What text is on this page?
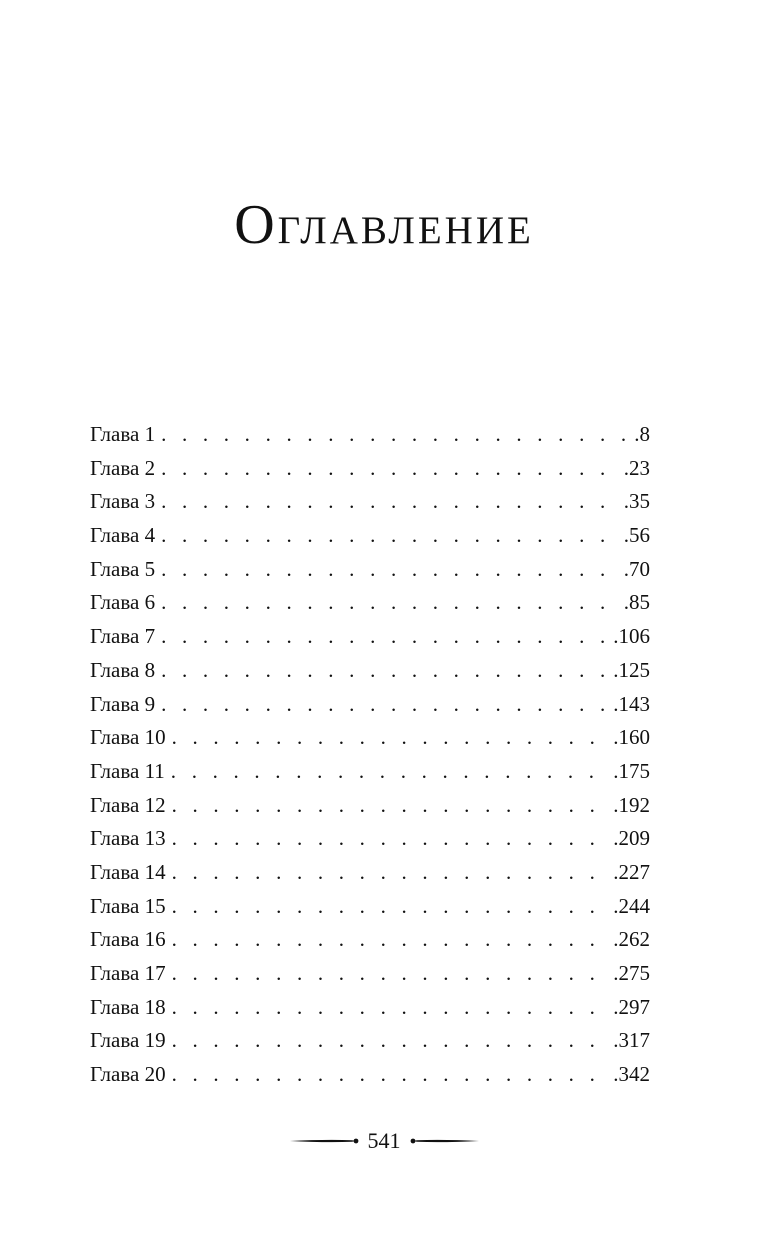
Оглавление
Глава 1 . . .	.8
Глава 2 . . .	.23
Глава 3 . . .	.35
Глава 4 . . .	.56
Глава 5 . . .	.70
Глава 6 . . .	.85
Глава 7 . . .	.106
Глава 8 . . .	.125
Глава 9 . . .	.143
Глава 10 . . .	.160
Глава 11 . . .	.175
Глава 12 . . .	.192
Глава 13 . . .	.209
Глава 14 . . .	.227
Глава 15 . . .	.244
Глава 16 . . .	.262
Глава 17 . . .	.275
Глава 18 . . .	.297
Глава 19 . . .	.317
Глава 20 . . .	.342
541
